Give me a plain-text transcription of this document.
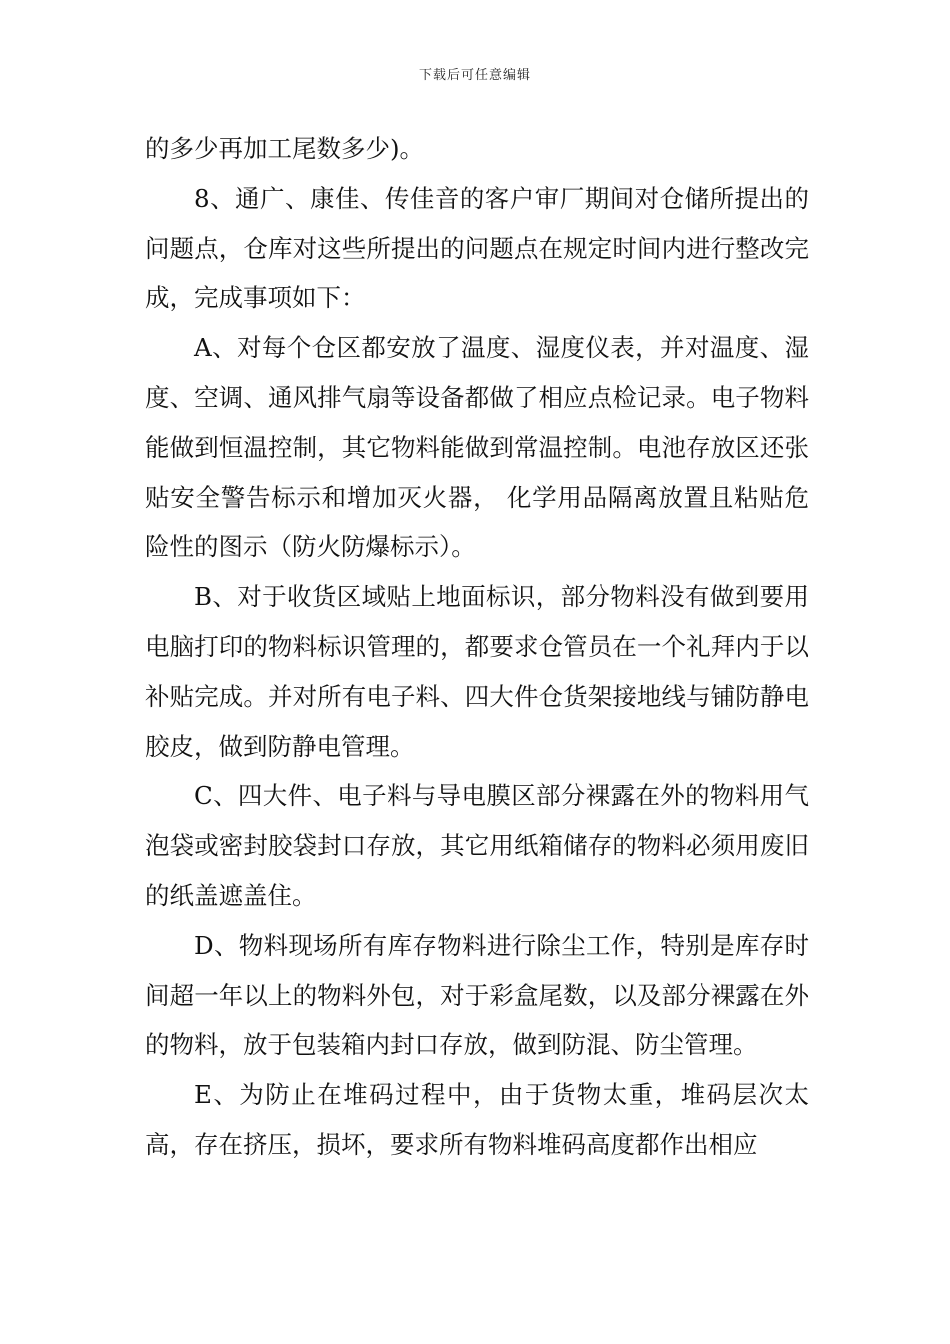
下载后可任意编辑

的多少再加工尾数多少)。

8、通广、康佳、传佳音的客户审厂期间对仓储所提出的问题点，仓库对这些所提出的问题点在规定时间内进行整改完成，完成事项如下：

A、对每个仓区都安放了温度、湿度仪表，并对温度、湿度、空调、通风排气扇等设备都做了相应点检记录。电子物料能做到恒温控制，其它物料能做到常温控制。电池存放区还张贴安全警告标示和增加灭火器， 化学用品隔离放置且粘贴危险性的图示（防火防爆标示）。

B、对于收货区域贴上地面标识，部分物料没有做到要用电脑打印的物料标识管理的，都要求仓管员在一个礼拜内于以补贴完成。并对所有电子料、四大件仓货架接地线与铺防静电胶皮，做到防静电管理。

C、四大件、电子料与导电膜区部分裸露在外的物料用气泡袋或密封胶袋封口存放，其它用纸箱储存的物料必须用废旧的纸盖遮盖住。

D、物料现场所有库存物料进行除尘工作，特别是库存时间超一年以上的物料外包，对于彩盒尾数，以及部分裸露在外的物料，放于包装箱内封口存放，做到防混、防尘管理。

E、为防止在堆码过程中，由于货物太重，堆码层次太高，存在挤压，损坏，要求所有物料堆码高度都作出相应
